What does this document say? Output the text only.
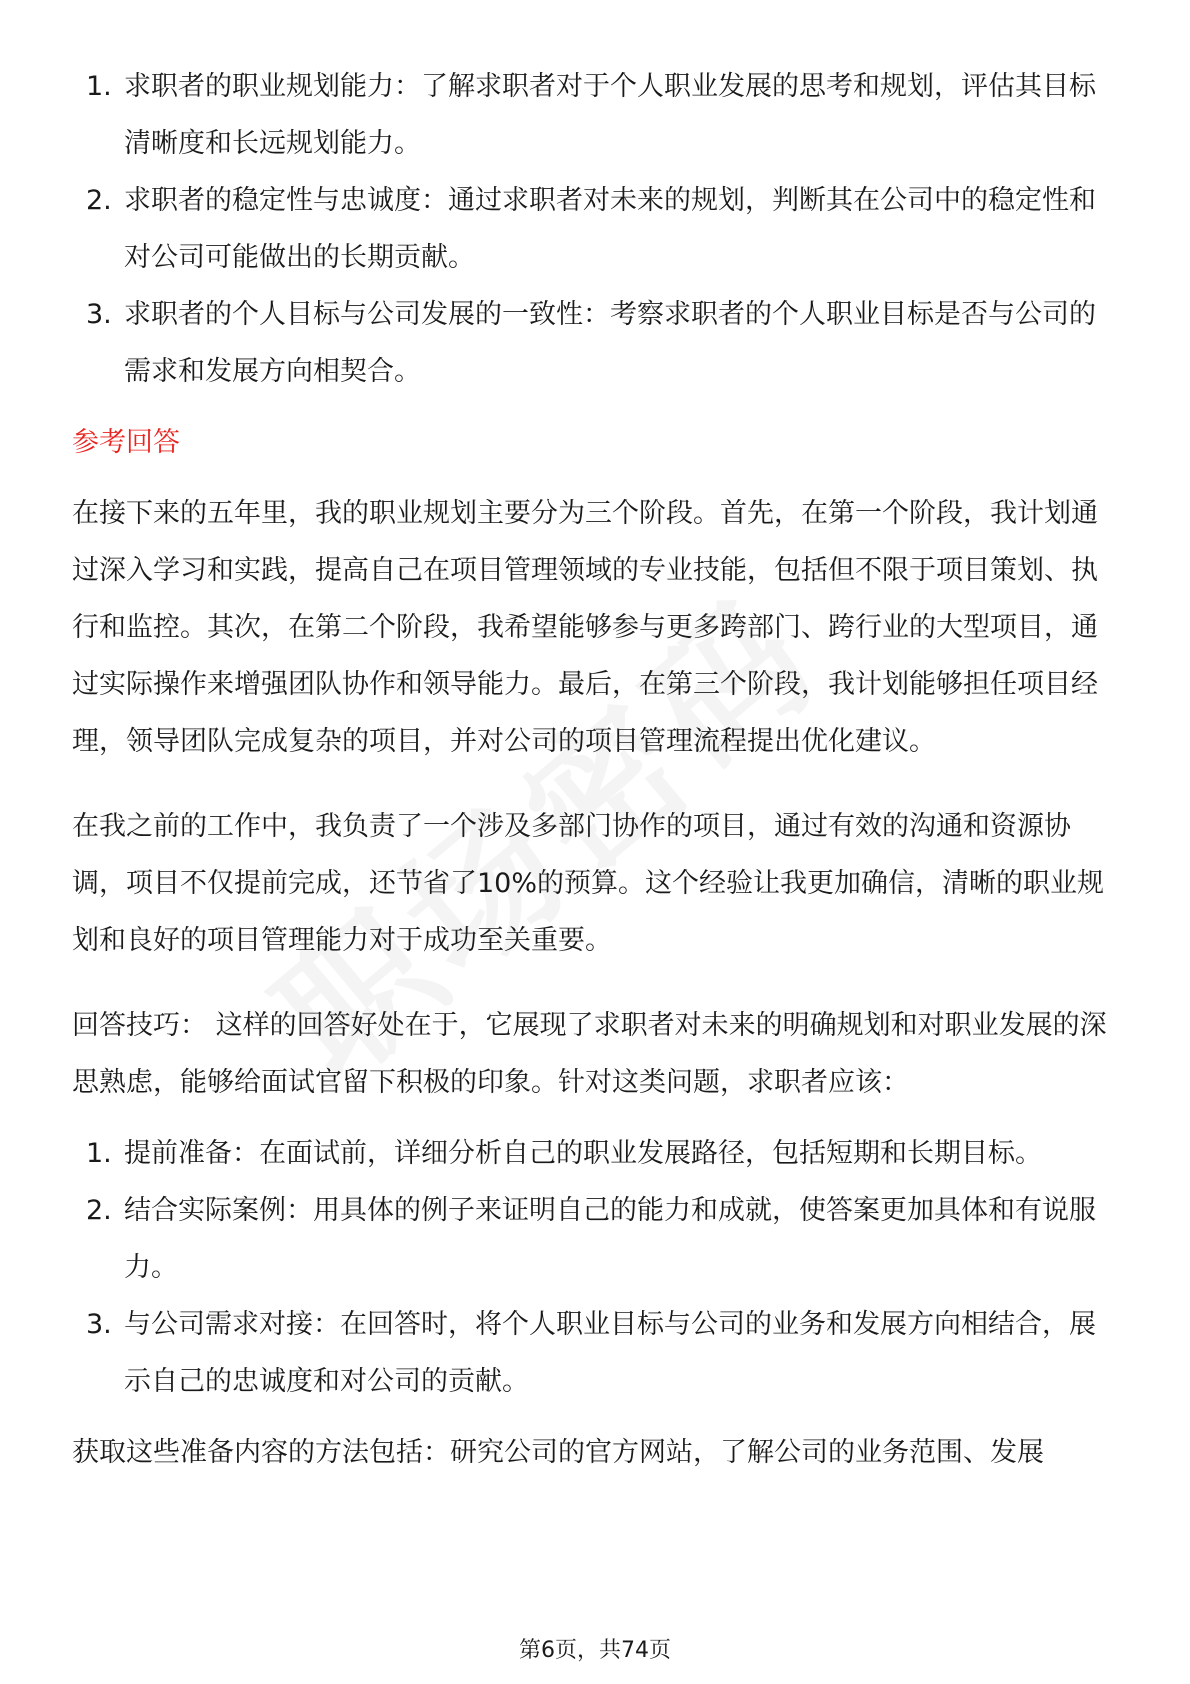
1. 求职者的职业规划能力：了解求职者对于个人职业发展的思考和规划，评估其目标清晰度和长远规划能力。
2. 求职者的稳定性与忠诚度：通过求职者对未来的规划，判断其在公司中的稳定性和对公司可能做出的长期贡献。
3. 求职者的个人目标与公司发展的一致性：考察求职者的个人职业目标是否与公司的需求和发展方向相契合。
参考回答

在接下来的五年里，我的职业规划主要分为三个阶段。首先，在第一个阶段，我计划通过深入学习和实践，提高自己在项目管理领域的专业技能，包括但不限于项目策划、执行和监控。其次，在第二个阶段，我希望能够参与更多跨部门、跨行业的大型项目，通过实际操作来增强团队协作和领导能力。最后，在第三个阶段，我计划能够担任项目经理，领导团队完成复杂的项目，并对公司的项目管理流程提出优化建议。

在我之前的工作中，我负责了一个涉及多部门协作的项目，通过有效的沟通和资源协调，项目不仅提前完成，还节省了10%的预算。这个经验让我更加确信，清晰的职业规划和良好的项目管理能力对于成功至关重要。

回答技巧： 这样的回答好处在于，它展现了求职者对未来的明确规划和对职业发展的深思熟虑，能够给面试官留下积极的印象。针对这类问题，求职者应该：

1. 提前准备：在面试前，详细分析自己的职业发展路径，包括短期和长期目标。
2. 结合实际案例：用具体的例子来证明自己的能力和成就，使答案更加具体和有说服力。
3. 与公司需求对接：在回答时，将个人职业目标与公司的业务和发展方向相结合，展示自己的忠诚度和对公司的贡献。

获取这些准备内容的方法包括：研究公司的官方网站，了解公司的业务范围、发展

第6页，共74页
